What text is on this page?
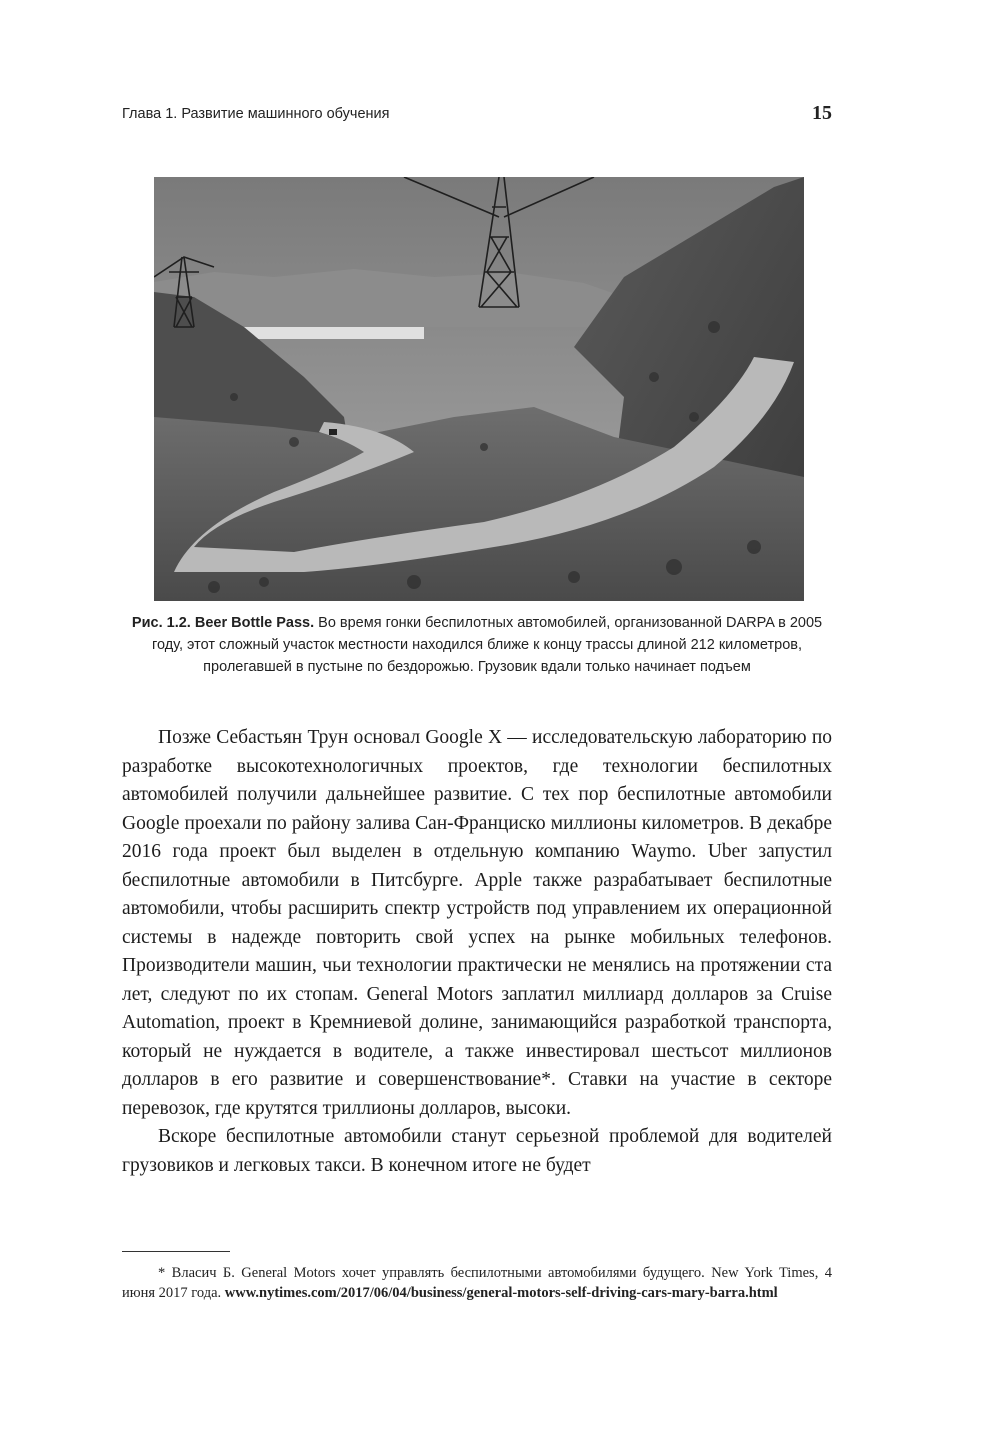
Глава 1. Развитие машинного обучения	15
Рис. 1.2. Beer Bottle Pass. Во время гонки беспилотных автомобилей, организованной DARPA в 2005 году, этот сложный участок местности находился ближе к концу трассы длиной 212 километров, пролегавшей в пустыне по бездорожью. Грузовик вдали только начинает подъем

Позже Себастьян Трун основал Google X — исследовательскую лабораторию по разработке высокотехнологичных проектов, где технологии беспилотных автомобилей получили дальнейшее развитие. С тех пор беспилотные автомобили Google проехали по району залива Сан-Франциско миллионы километров. В декабре 2016 года проект был выделен в отдельную компанию Waymo. Uber запустил беспилотные автомобили в Питсбурге. Apple также разрабатывает беспилотные автомобили, чтобы расширить спектр устройств под управлением их операционной системы в надежде повторить свой успех на рынке мобильных телефонов. Производители машин, чьи технологии практически не менялись на протяжении ста лет, следуют по их стопам. General Motors заплатил миллиард долларов за Cruise Automation, проект в Кремниевой долине, занимающийся разработкой транспорта, который не нуждается в водителе, а также инвестировал шестьсот миллионов долларов в его развитие и совершенствование*. Ставки на участие в секторе перевозок, где крутятся триллионы долларов, высоки.

Вскоре беспилотные автомобили станут серьезной проблемой для водителей грузовиков и легковых такси. В конечном итоге не будет

* Власич Б. General Motors хочет управлять беспилотными автомобилями будущего. New York Times, 4 июня 2017 года. www.nytimes.com/2017/06/04/business/general-motors-self-driving-cars-mary-barra.html
